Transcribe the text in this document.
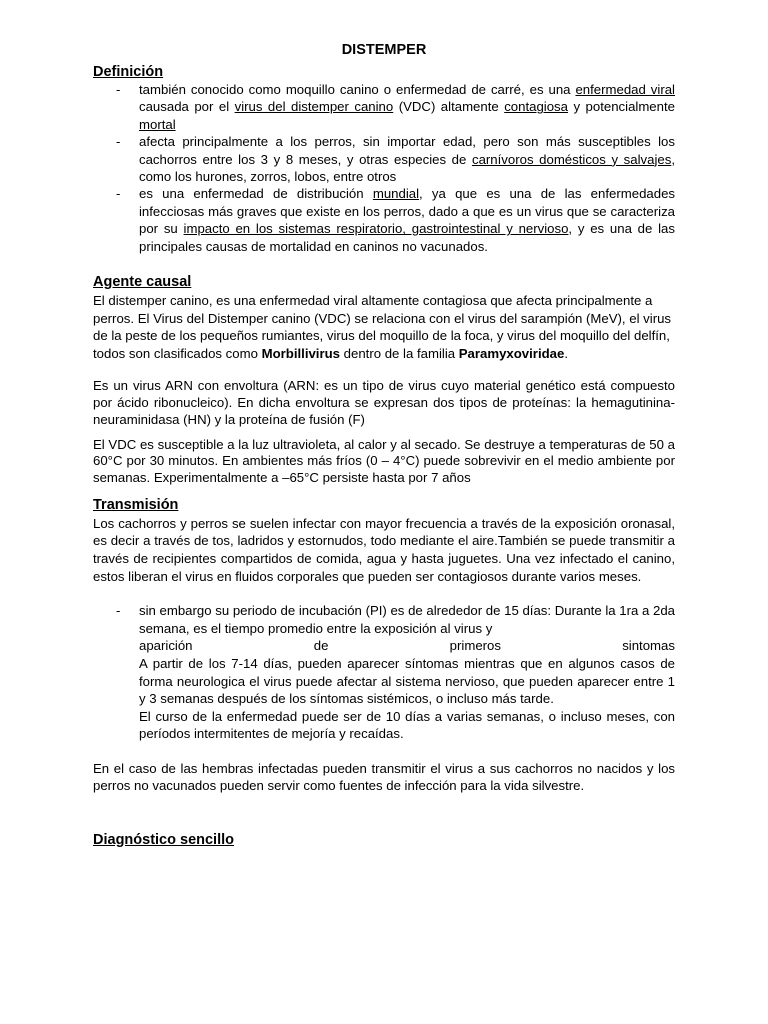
DISTEMPER
Definición
- también conocido como moquillo canino o enfermedad de carré, es una enfermedad viral causada por el virus del distemper canino (VDC) altamente contagiosa y potencialmente mortal
- afecta principalmente a los perros, sin importar edad, pero son más susceptibles los cachorros entre los 3 y 8 meses, y otras especies de carnívoros domésticos y salvajes, como los hurones, zorros, lobos, entre otros
- es una enfermedad de distribución mundial, ya que es una de las enfermedades infecciosas más graves que existe en los perros, dado a que es un virus que se caracteriza por su impacto en los sistemas respiratorio, gastrointestinal y nervioso, y es una de las principales causas de mortalidad en caninos no vacunados.
Agente causal

El distemper canino, es una enfermedad viral altamente contagiosa que afecta principalmente a perros. El Virus del Distemper canino (VDC) se relaciona con el virus del sarampión (MeV), el virus de la peste de los pequeños rumiantes, virus del moquillo de la foca, y virus del moquillo del delfín, todos son clasificados como Morbillivirus dentro de la familia Paramyxoviridae.

Es un virus ARN con envoltura (ARN: es un tipo de virus cuyo material genético está compuesto por ácido ribonucleico). En dicha envoltura se expresan dos tipos de proteínas: la hemagutinina-neuraminidasa (HN) y la proteína de fusión (F)

El VDC es susceptible a la luz ultravioleta, al calor y al secado. Se destruye a temperaturas de 50 a 60°C por 30 minutos. En ambientes más fríos (0 – 4°C) puede sobrevivir en el medio ambiente por semanas. Experimentalmente a –65°C persiste hasta por 7 años

Transmisión

Los cachorros y perros se suelen infectar con mayor frecuencia a través de la exposición oronasal, es decir a través de tos, ladridos y estornudos, todo mediante el aire.También se puede transmitir a través de recipientes compartidos de comida, agua y hasta juguetes. Una vez infectado el canino, estos liberan el virus en fluidos corporales que pueden ser contagiosos durante varios meses.

- sin embargo su periodo de incubación (PI) es de alrededor de 15 días: Durante la 1ra a 2da semana, es el tiempo promedio entre la exposición al virus y
aparición	de	primeros	sintomas
A partir de los 7-14 días, pueden aparecer síntomas mientras que en algunos casos de forma neurologica el virus puede afectar al sistema nervioso, que pueden aparecer entre 1 y 3 semanas después de los síntomas sistémicos, o incluso más tarde.
El curso de la enfermedad puede ser de 10 días a varias semanas, o incluso meses, con períodos intermitentes de mejoría y recaídas.

En el caso de las hembras infectadas pueden transmitir el virus a sus cachorros no nacidos y los perros no vacunados pueden servir como fuentes de infección para la vida silvestre.

Diagnóstico sencillo
